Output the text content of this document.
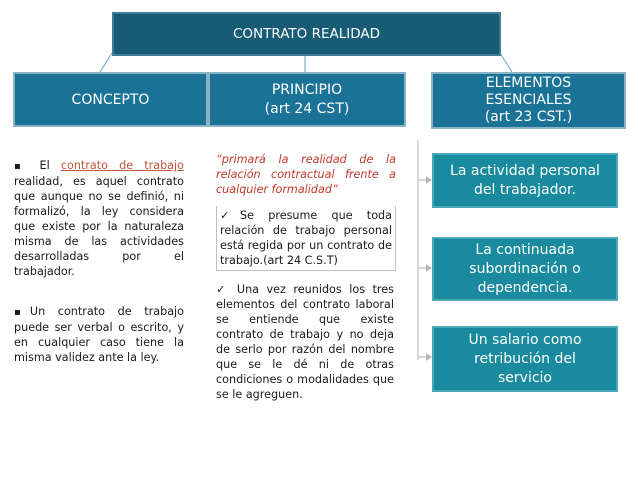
CONTRATO REALIDAD
CONCEPTO
PRINCIPIO
(art 24 CST)
ELEMENTOS
ESENCIALES
(art 23 CST.)
▪ El contrato de trabajo realidad, es aquel contrato que aunque no se definió, ni formalizó, la ley considera que existe por la naturaleza misma de las actividades desarrolladas por el trabajador.
▪Un contrato de trabajo puede ser verbal o escrito, y en cualquier caso tiene la misma validez ante la ley.
“primará la realidad de la relación contractual frente a cualquier formalidad”
✓Se presume que toda relación de trabajo personal está regida por un contrato de trabajo.(art 24 C.S.T)
✓ Una vez reunidos los tres elementos del contrato laboral se entiende que existe contrato de trabajo y no deja de serlo por razón del nombre que se le dé ni de otras condiciones o modalidades que se le agreguen.
La actividad personal
del trabajador.
La continuada
subordinación o
dependencia.
Un salario como
retribución del
servicio
